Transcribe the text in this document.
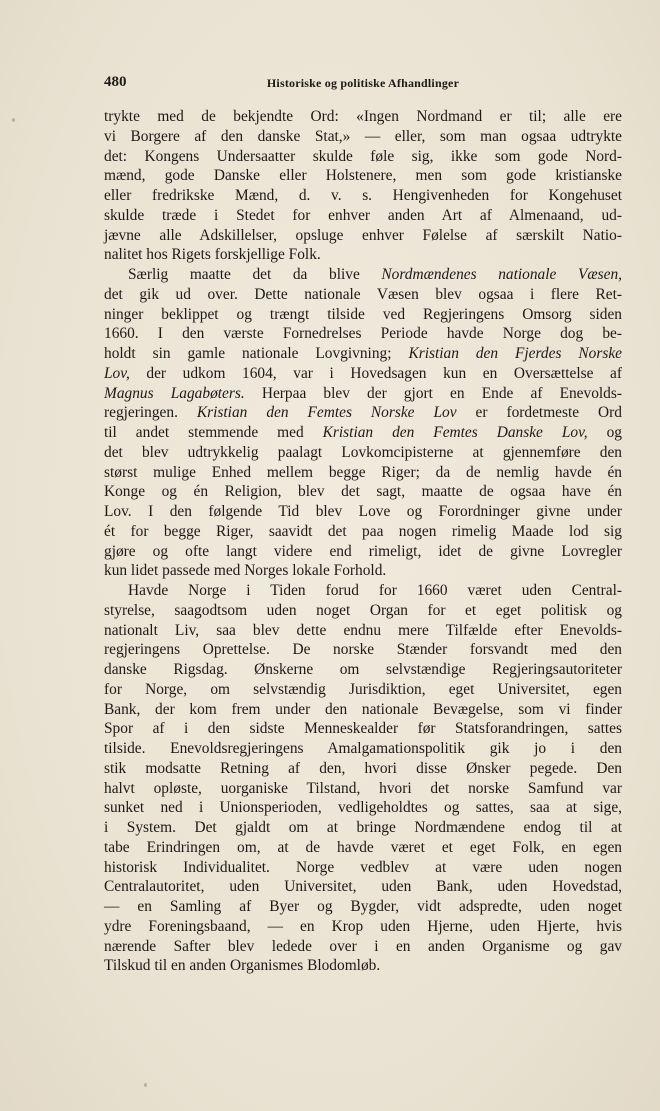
480	Historiske og politiske Afhandlinger
trykte med de bekjendte Ord: «Ingen Nordmand er til; alle ere
vi Borgere af den danske Stat,» — eller, som man ogsaa udtrykte
det: Kongens Undersaatter skulde føle sig, ikke som gode Nord-
mænd, gode Danske eller Holstenere, men som gode kristianske
eller fredrikske Mænd, d. v. s. Hengivenheden for Kongehuset
skulde træde i Stedet for enhver anden Art af Almenaand, ud-
jævne alle Adskillelser, opsluge enhver Følelse af særskilt Natio-
nalitet hos Rigets forskjellige Folk.
Særlig maatte det da blive Nordmændenes nationale Væsen,
det gik ud over. Dette nationale Væsen blev ogsaa i flere Ret-
ninger beklippet og trængt tilside ved Regjeringens Omsorg siden
1660. I den værste Fornedrelses Periode havde Norge dog be-
holdt sin gamle nationale Lovgivning; Kristian den Fjerdes Norske
Lov, der udkom 1604, var i Hovedsagen kun en Oversættelse af
Magnus Lagabøters. Herpaa blev der gjort en Ende af Enevolds-
regjeringen. Kristian den Femtes Norske Lov er fordetmeste Ord
til andet stemmende med Kristian den Femtes Danske Lov, og
det blev udtrykkelig paalagt Lovkomcipisterne at gjennemføre den
størst mulige Enhed mellem begge Riger; da de nemlig havde én
Konge og én Religion, blev det sagt, maatte de ogsaa have én
Lov. I den følgende Tid blev Love og Forordninger givne under
ét for begge Riger, saavidt det paa nogen rimelig Maade lod sig
gjøre og ofte langt videre end rimeligt, idet de givne Lovregler
kun lidet passede med Norges lokale Forhold.
Havde Norge i Tiden forud for 1660 været uden Central-
styrelse, saagodtsom uden noget Organ for et eget politisk og
nationalt Liv, saa blev dette endnu mere Tilfælde efter Enevolds-
regjeringens Oprettelse. De norske Stænder forsvandt med den
danske Rigsdag. Ønskerne om selvstændige Regjeringsautoriteter
for Norge, om selvstændig Jurisdiktion, eget Universitet, egen
Bank, der kom frem under den nationale Bevægelse, som vi finder
Spor af i den sidste Menneskealder før Statsforandringen, sattes
tilside. Enevoldsregjeringens Amalgamationspolitik gik jo i den
stik modsatte Retning af den, hvori disse Ønsker pegede. Den
halvt opløste, uorganiske Tilstand, hvori det norske Samfund var
sunket ned i Unionsperioden, vedligeholdtes og sattes, saa at sige,
i System. Det gjaldt om at bringe Nordmændene endog til at
tabe Erindringen om, at de havde været et eget Folk, en egen
historisk Individualitet. Norge vedblev at være uden nogen
Centralautoritet, uden Universitet, uden Bank, uden Hovedstad,
— en Samling af Byer og Bygder, vidt adspredte, uden noget
ydre Foreningsbaand, — en Krop uden Hjerne, uden Hjerte, hvis
nærende Safter blev ledede over i en anden Organisme og gav
Tilskud til en anden Organismes Blodomløb.
